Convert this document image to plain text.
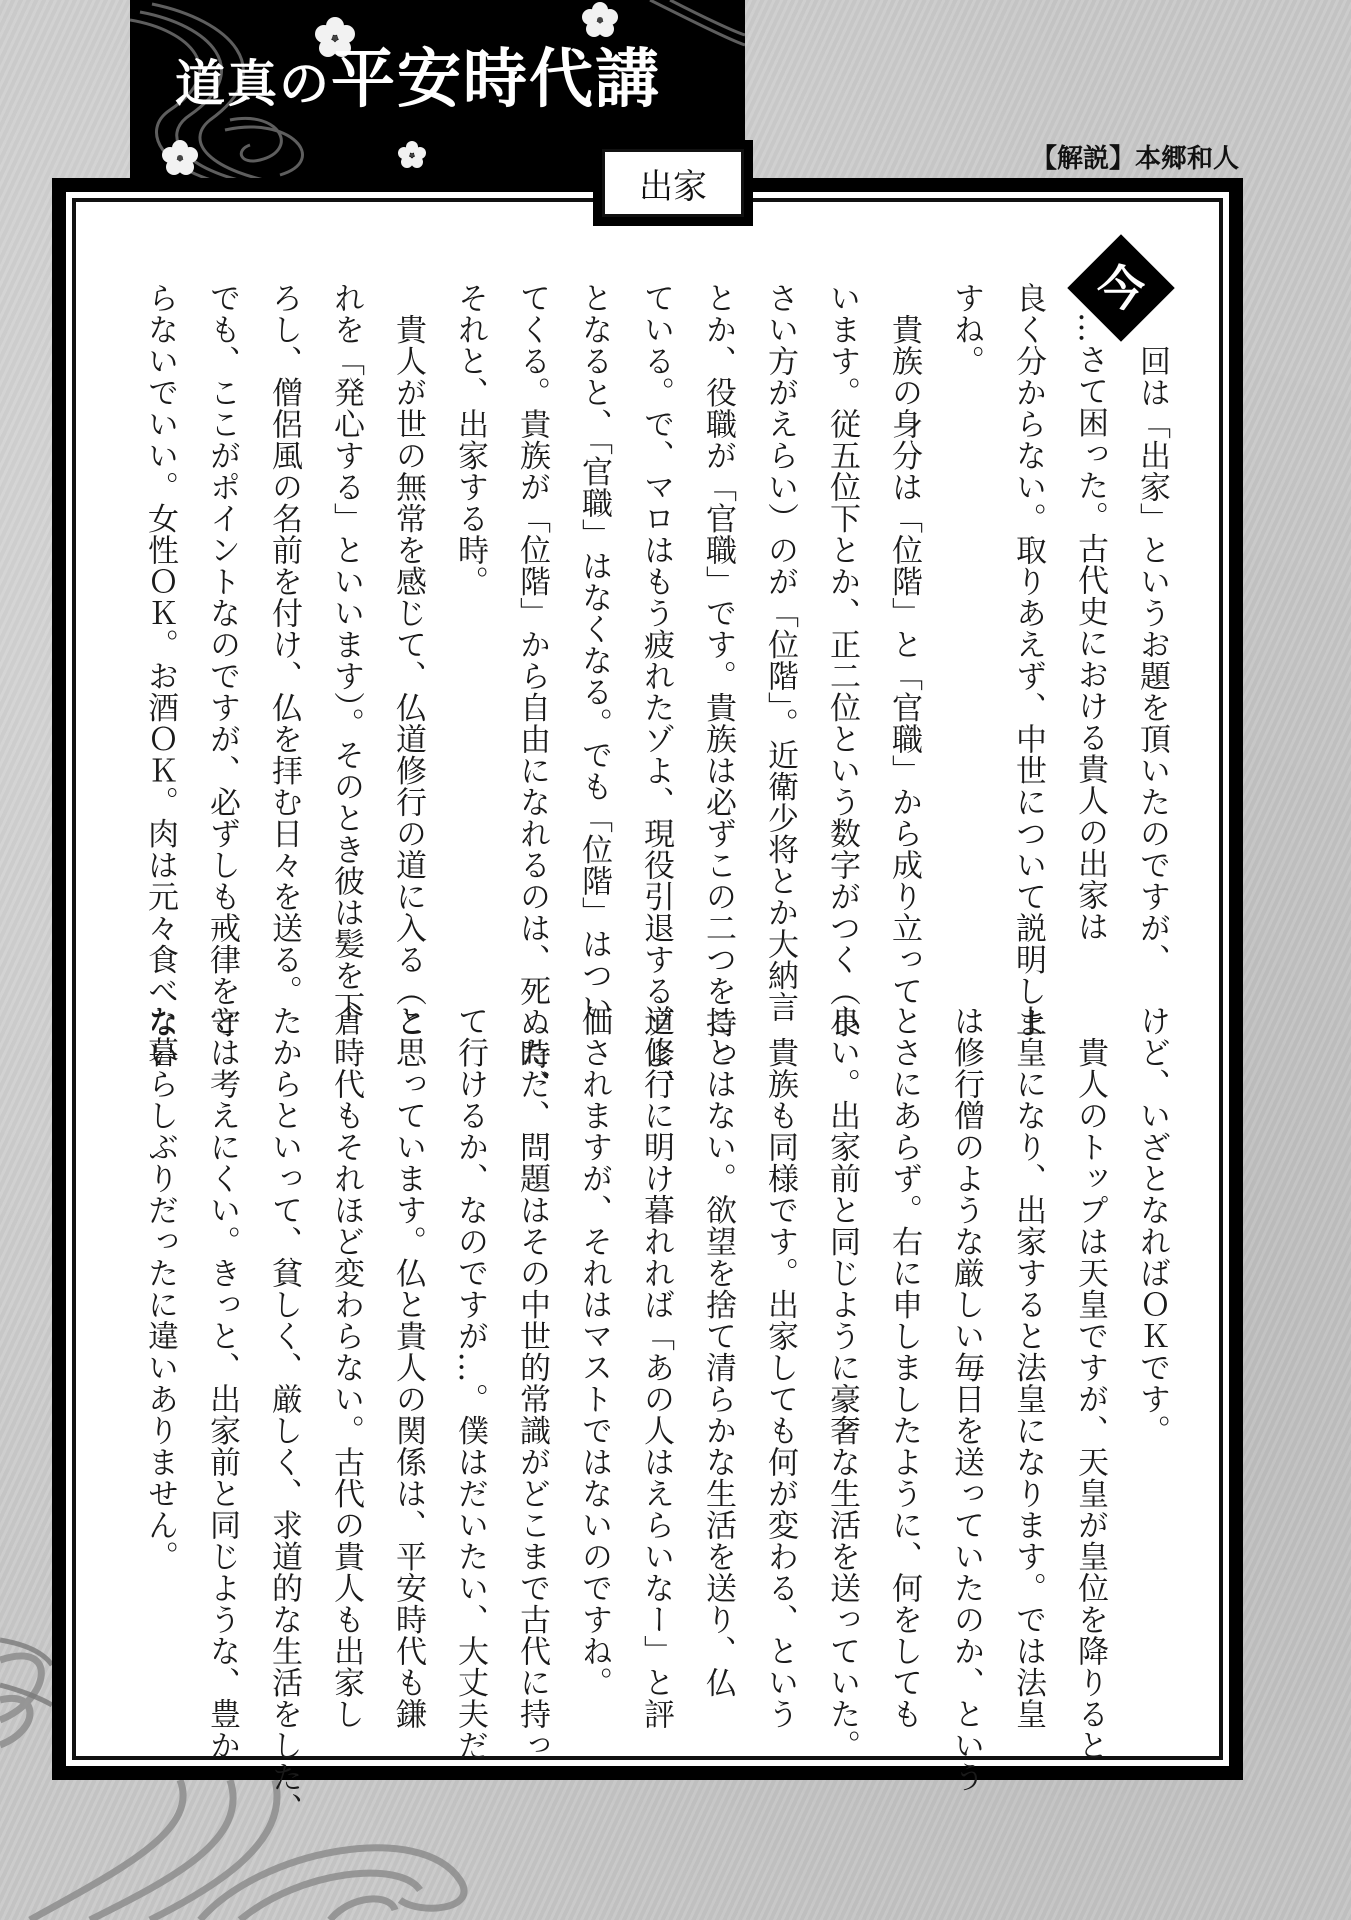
道真の平安時代講
【解説】本郷和人
出家
今
回は「出家」というお題を頂いたのですが、
…さて困った。古代史における貴人の出家は
良く分からない。取りあえず、中世について説明しま
すね。
　貴族の身分は「位階」と「官職」から成り立って
います。従五位下とか、正二位という数字がつく（小
さい方がえらい）のが「位階」。近衛少将とか大納言
とか、役職が「官職」です。貴族は必ずこの二つを持っ
ている。で、マロはもう疲れたゾよ、現役引退するゾよ、
となると、「官職」はなくなる。でも「位階」はつい
てくる。貴族が「位階」から自由になれるのは、死ぬ時、
それと、出家する時。
　貴人が世の無常を感じて、仏道修行の道に入る（こ
れを「発心する」といいます）。そのとき彼は髪を下
ろし、僧侶風の名前を付け、仏を拝む日々を送る。
でも、ここがポイントなのですが、必ずしも戒律を守
らないでいい。女性ＯＫ。お酒ＯＫ。肉は元々食べない
けど、いざとなればＯＫです。
　貴人のトップは天皇ですが、天皇が皇位を降りると
上皇になり、出家すると法皇になります。では法皇
は修行僧のような厳しい毎日を送っていたのか、という
とさにあらず。右に申しましたように、何をしても
良い。出家前と同じように豪奢な生活を送っていた。
　貴族も同様です。出家しても何が変わる、という
ことはない。欲望を捨て清らかな生活を送り、仏
道修行に明け暮れれば「あの人はえらいなー」と評
価されますが、それはマストではないのですね。
　ただ、問題はその中世的常識がどこまで古代に持っ
て行けるか、なのですが…。僕はだいたい、大丈夫だ
と思っています。仏と貴人の関係は、平安時代も鎌
倉時代もそれほど変わらない。古代の貴人も出家し
たからといって、貧しく、厳しく、求道的な生活をした、
とは考えにくい。きっと、出家前と同じような、豊か
な暮らしぶりだったに違いありません。
